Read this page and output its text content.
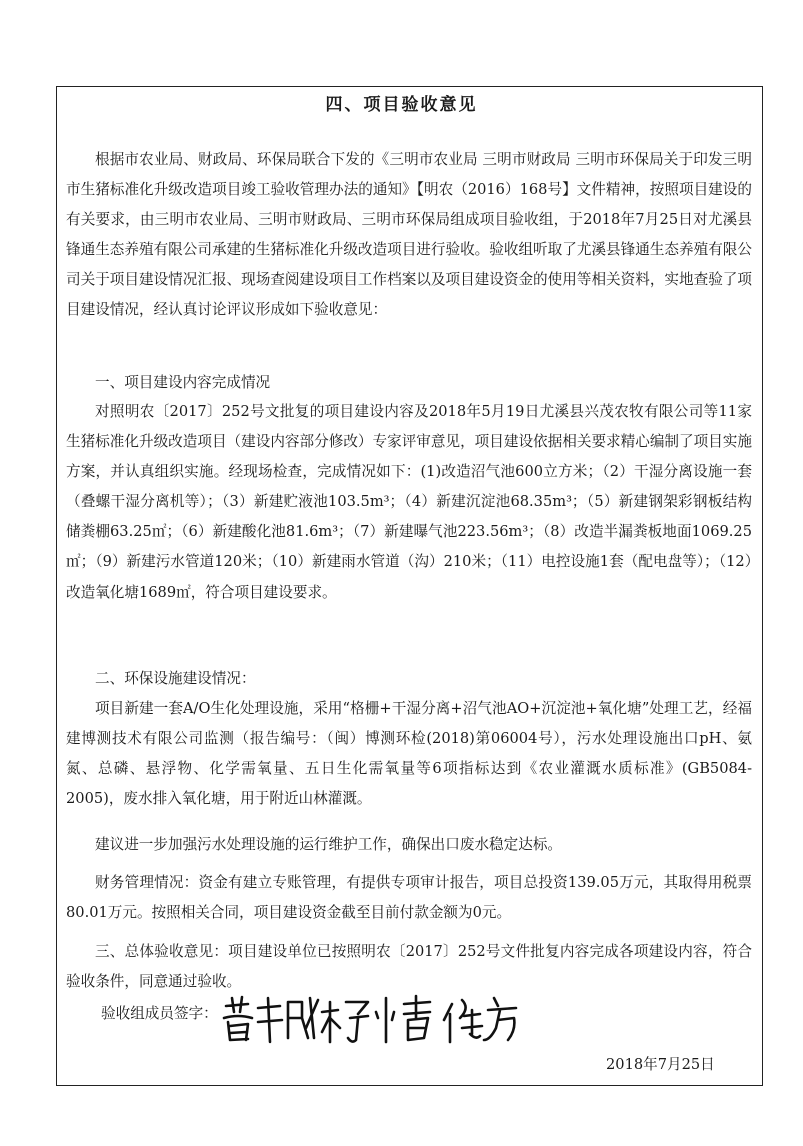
四、项目验收意见

根据市农业局、财政局、环保局联合下发的《三明市农业局 三明市财政局 三明市环保局关于印发三明市生猪标准化升级改造项目竣工验收管理办法的通知》【明农（2016）168号】文件精神，按照项目建设的有关要求，由三明市农业局、三明市财政局、三明市环保局组成项目验收组，于2018年7月25日对尤溪县锋通生态养殖有限公司承建的生猪标准化升级改造项目进行验收。验收组听取了尤溪县锋通生态养殖有限公司关于项目建设情况汇报、现场查阅建设项目工作档案以及项目建设资金的使用等相关资料，实地查验了项目建设情况，经认真讨论评议形成如下验收意见：

一、项目建设内容完成情况

对照明农〔2017〕252号文批复的项目建设内容及2018年5月19日尤溪县兴茂农牧有限公司等11家生猪标准化升级改造项目（建设内容部分修改）专家评审意见，项目建设依据相关要求精心编制了项目实施方案，并认真组织实施。经现场检查，完成情况如下：(1)改造沼气池600立方米；（2）干湿分离设施一套（叠螺干湿分离机等）；（3）新建贮液池103.5m³；（4）新建沉淀池68.35m³；（5）新建钢架彩钢板结构储粪棚63.25㎡；（6）新建酸化池81.6m³；（7）新建曝气池223.56m³；（8）改造半漏粪板地面1069.25㎡；（9）新建污水管道120米；（10）新建雨水管道（沟）210米；（11）电控设施1套（配电盘等）；（12）改造氧化塘1689㎡，符合项目建设要求。

二、环保设施建设情况：

项目新建一套A/O生化处理设施，采用“格栅+干湿分离+沼气池AO+沉淀池+氧化塘”处理工艺，经福建博测技术有限公司监测（报告编号：（闽）博测环检(2018)第06004号），污水处理设施出口pH、氨氮、总磷、悬浮物、化学需氧量、五日生化需氧量等6项指标达到《农业灌溉水质标准》(GB5084-2005)，废水排入氧化塘，用于附近山林灌溉。

建议进一步加强污水处理设施的运行维护工作，确保出口废水稳定达标。

财务管理情况：资金有建立专账管理，有提供专项审计报告，项目总投资139.05万元，其取得用税票80.01万元。按照相关合同，项目建设资金截至目前付款金额为0元。

三、总体验收意见：项目建设单位已按照明农〔2017〕252号文件批复内容完成各项建设内容，符合验收条件，同意通过验收。

验收组成员签字：
2018年7月25日
